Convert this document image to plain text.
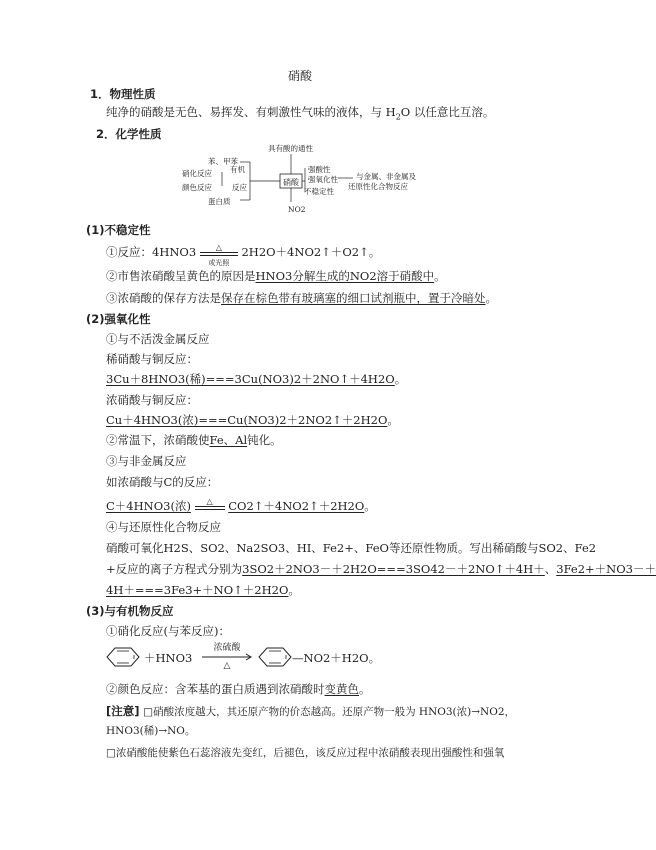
硝酸
1．物理性质
纯净的硝酸是无色、易挥发、有刺激性气味的液体，与 $H_2O$ 以任意比互溶。
2．化学性质
具有酸的通性
有机
反应
苯、甲苯
硝化反应
颜色反应
蛋白质
强酸性
强氧化性 与金属、非金属及
还原性化合物反应
不稳定性
NO2
硝酸
(1)不稳定性
①反应：4HNO3	△
或光照
2H2O＋4NO2↑＋O2↑。
②市售浓硝酸呈黄色的原因是HNO3分解生成的NO2溶于硝酸中。
③浓硝酸的保存方法是保存在棕色带有玻璃塞的细口试剂瓶中，置于冷暗处。
(2)强氧化性
①与不活泼金属反应
稀硝酸与铜反应：
3Cu＋8HNO3(稀)===3Cu(NO3)2＋2NO↑＋4H2O。
浓硝酸与铜反应：
Cu＋4HNO3(浓)===Cu(NO3)2＋2NO2↑＋2H2O。
②常温下，浓硝酸使Fe、Al钝化。
③与非金属反应
如浓硝酸与C的反应：
C＋4HNO3(浓)	△	CO2↑＋4NO2↑＋2H2O。
④与还原性化合物反应
硝酸可氧化H2S、SO2、Na2SO3、HI、Fe2+、FeO等还原性物质。写出稀硝酸与SO2、Fe2
+反应的离子方程式分别为3SO2＋2NO3－＋2H2O===3SO42－＋2NO↑＋4H＋、3Fe2+＋NO3－＋
4H＋===3Fe3+＋NO↑＋2H2O。
(3)与有机物反应
①硝化反应(与苯反应)：
＋HNO3
浓硫酸
△
—NO2＋H2O。
②颜色反应：含苯基的蛋白质遇到浓硝酸时变黄色。
[注意] □硝酸浓度越大，其还原产物的价态越高。还原产物一般为 HNO3(浓)→NO2，
HNO3(稀)→NO。
□浓硝酸能使紫色石蕊溶液先变红，后褪色，该反应过程中浓硝酸表现出强酸性和强氧
